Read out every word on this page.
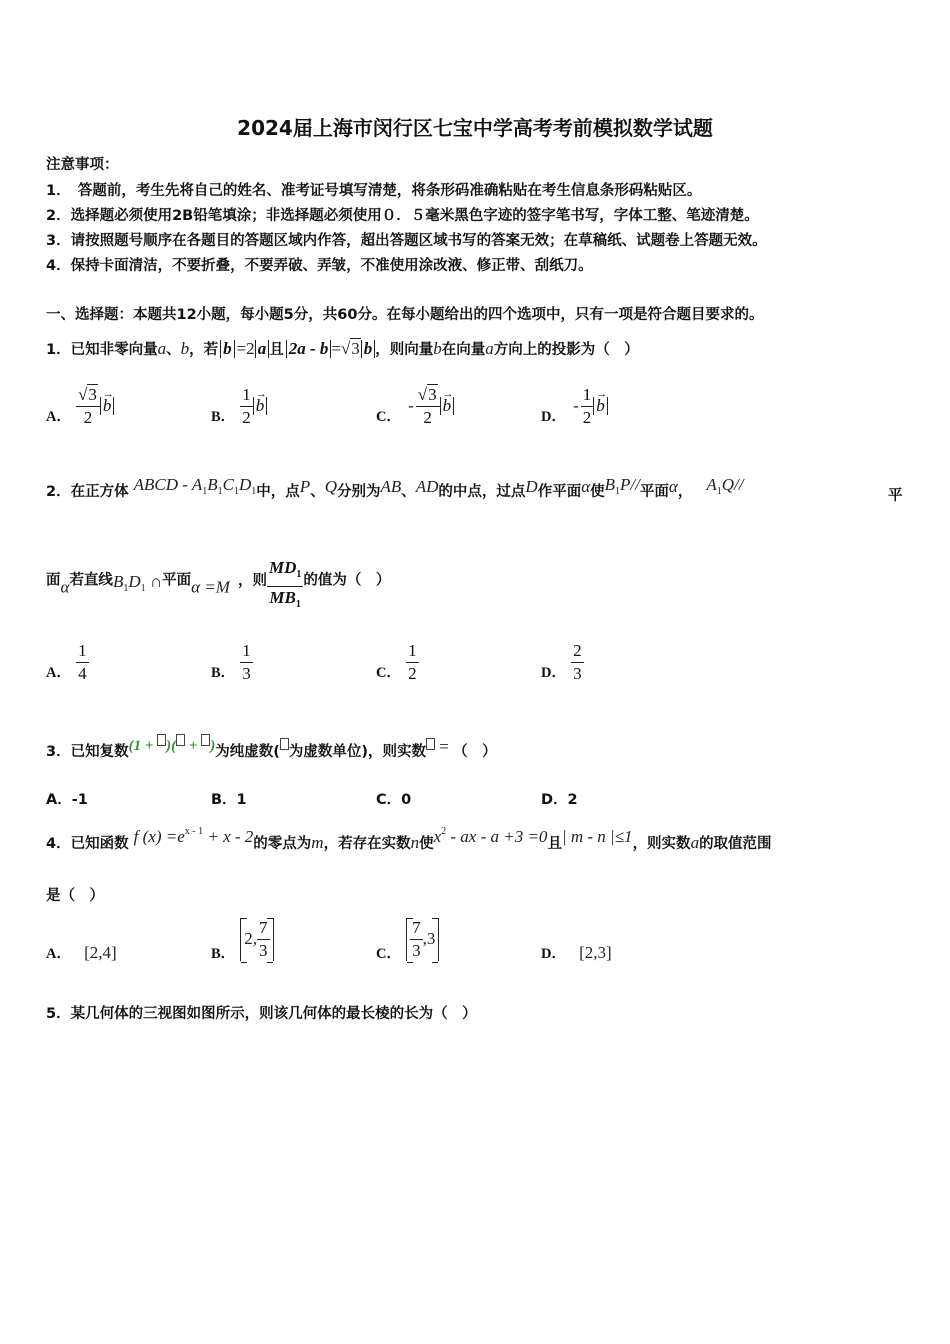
2024届上海市闵行区七宝中学高考考前模拟数学试题
注意事项：
1．　答题前，考生先将自己的姓名、准考证号填写清楚，将条形码准确粘贴在考生信息条形码粘贴区。
2．选择题必须使用2B铅笔填涂；非选择题必须使用０．５毫米黑色字迹的签字笔书写，字体工整、笔迹清楚。
3．请按照题号顺序在各题目的答题区域内作答，超出答题区域书写的答案无效；在草稿纸、试题卷上答题无效。
4．保持卡面清洁，不要折叠，不要弄破、弄皱，不准使用涂改液、修正带、刮纸刀。
一、选择题：本题共12小题，每小题5分，共60分。在每小题给出的四个选项中，只有一项是符合题目要求的。
1．已知非零向量a、b，若 b =2 a 且 2a - b =√3 b ，则向量b在向量a方向上的投影为（　）
A． $\frac{√3}{2}$
→ b
B． $\frac{1}{2}$
→ b
C． - $\frac{√3}{2}$
→ b
D． - $\frac{1}{2}$
→ b
2．在正方体 ABCD - $A_1B_1C_1D_1$中，点P、Q分别为AB、AD的中点，过点D作平面α使$B_1P//$平面α， $A_1Q//$
平
面α若直线$B_1D_1$ ∩平面α =M ，则 $\frac{MD_1}{MB_1}$ 的值为（　）
A． $\frac{1}{4}$	B． $\frac{1}{3}$	C． $\frac{1}{2}$	D． $\frac{2}{3}$
3．已知复数(1 + )( + )为纯虚数( 为虚数单位)，则实数 = （　）
A．-1	B．1	C．0	D．2
4．已知函数 f $(x) =e^{x - 1} + x - 2$的零点为m，若存在实数n使$x^2$ - ax - a +3 =0且| m - n |≤1，则实数a的取值范围
是（　）
A． [2,4]	B． 2, $\frac{7}{3}$	C． $\frac{7}{3} ,3$
D． [2,3]
5．某几何体的三视图如图所示，则该几何体的最长棱的长为（　）
